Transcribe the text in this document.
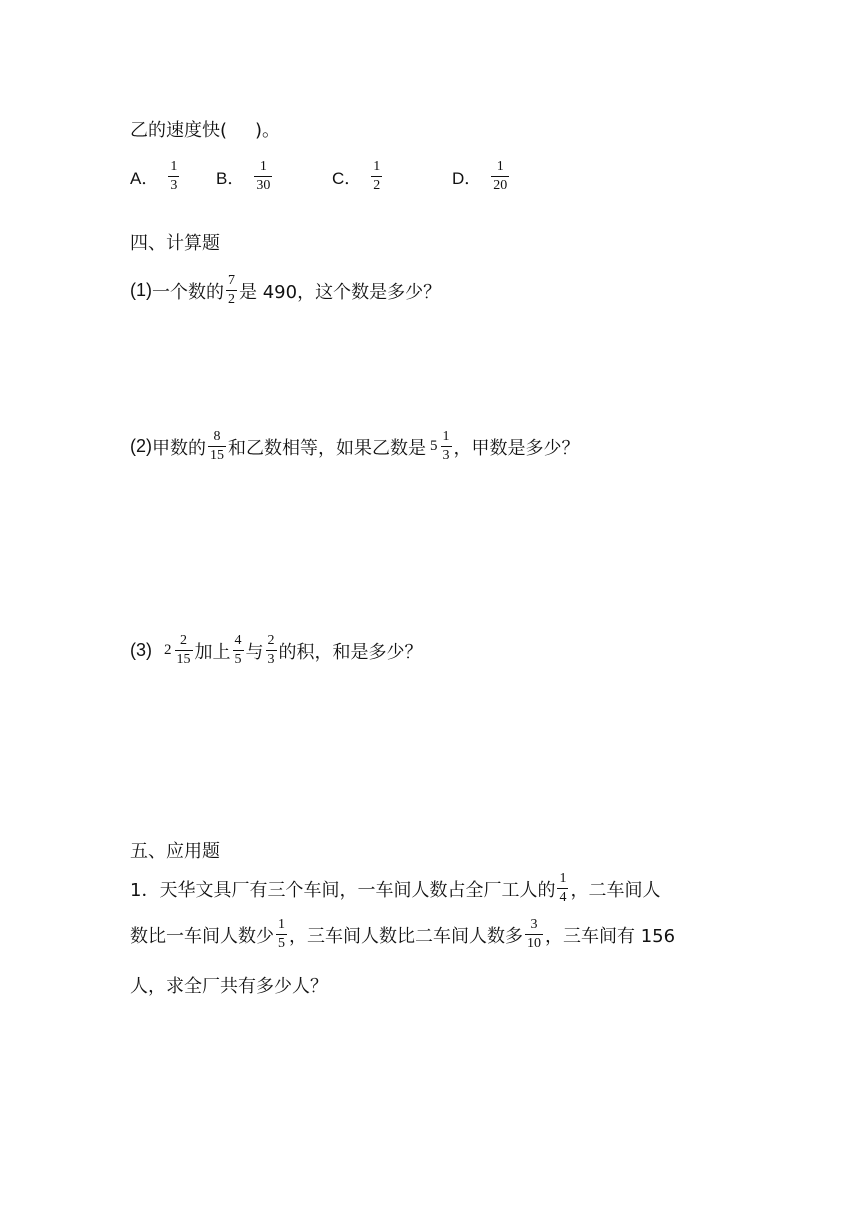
乙的速度快( )。
A． $\frac{1}{3}$ B． $\frac{1}{30}$	C． $\frac{1}{2}$	D． $\frac{1}{20}$
四、计算题
(1) 一个数的 $\frac{7}{2}$ 是 490，这个数是多少？
(2) 甲数的 $\frac{8}{15}$ 和乙数相等，如果乙数是 $5 \frac{1}{3}$ ，甲数是多少？
(3) $2 \frac{2}{15}$ 加上 $\frac{4}{5}$ 与 $\frac{2}{3}$ 的积，和是多少？
五、应用题
1．天华文具厂有三个车间，一车间人数占全厂工人的 $\frac{1}{4}$ ，二车间人
数比一车间人数少 $\frac{1}{5}$ ，三车间人数比二车间人数多 $\frac{3}{10}$ ，三车间有 156
人，求全厂共有多少人？
